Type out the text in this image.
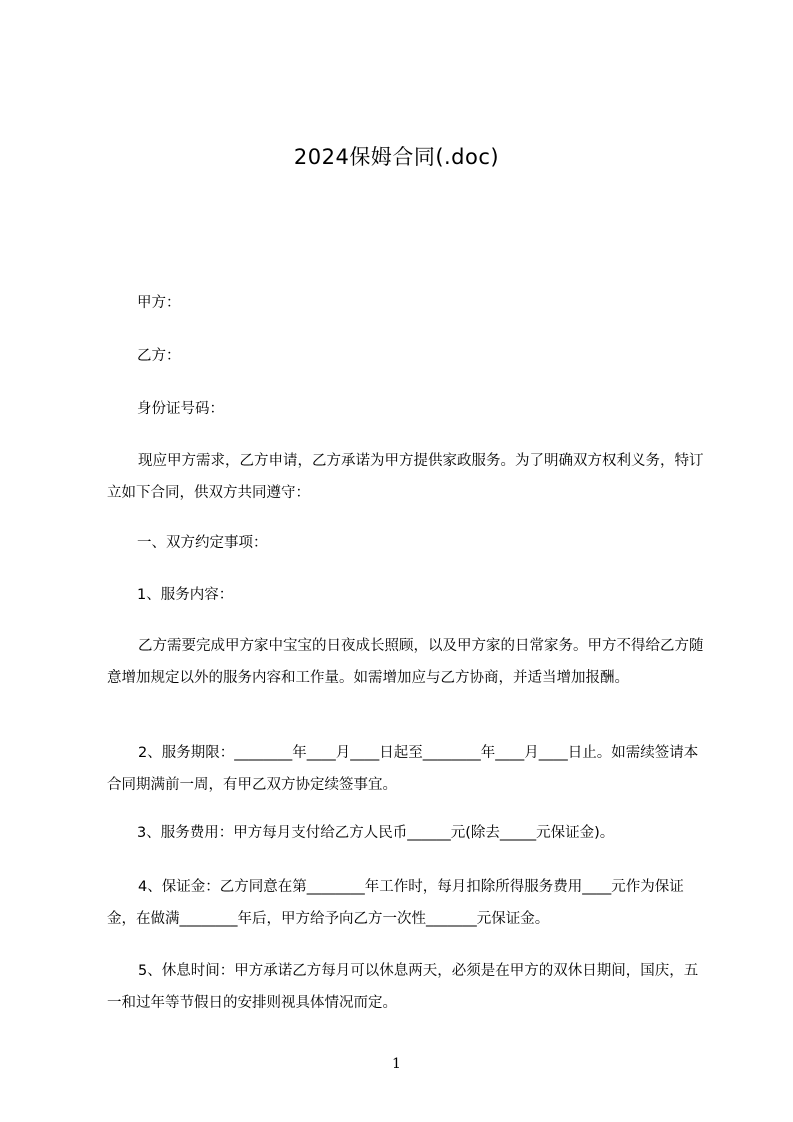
2024保姆合同(.doc)
甲方：
乙方：
身份证号码：
现应甲方需求，乙方申请，乙方承诺为甲方提供家政服务。为了明确双方权利义务，特订立如下合同，供双方共同遵守：
一、双方约定事项：
1、服务内容：
乙方需要完成甲方家中宝宝的日夜成长照顾，以及甲方家的日常家务。甲方不得给乙方随意增加规定以外的服务内容和工作量。如需增加应与乙方协商，并适当增加报酬。
2、服务期限：________年____月____日起至________年____月____日止。如需续签请本合同期满前一周，有甲乙双方协定续签事宜。
3、服务费用：甲方每月支付给乙方人民币______元(除去_____元保证金)。
4、保证金：乙方同意在第________年工作时，每月扣除所得服务费用____元作为保证金，在做满________年后，甲方给予向乙方一次性_______元保证金。
5、休息时间：甲方承诺乙方每月可以休息两天，必须是在甲方的双休日期间，国庆，五一和过年等节假日的安排则视具体情况而定。
1
